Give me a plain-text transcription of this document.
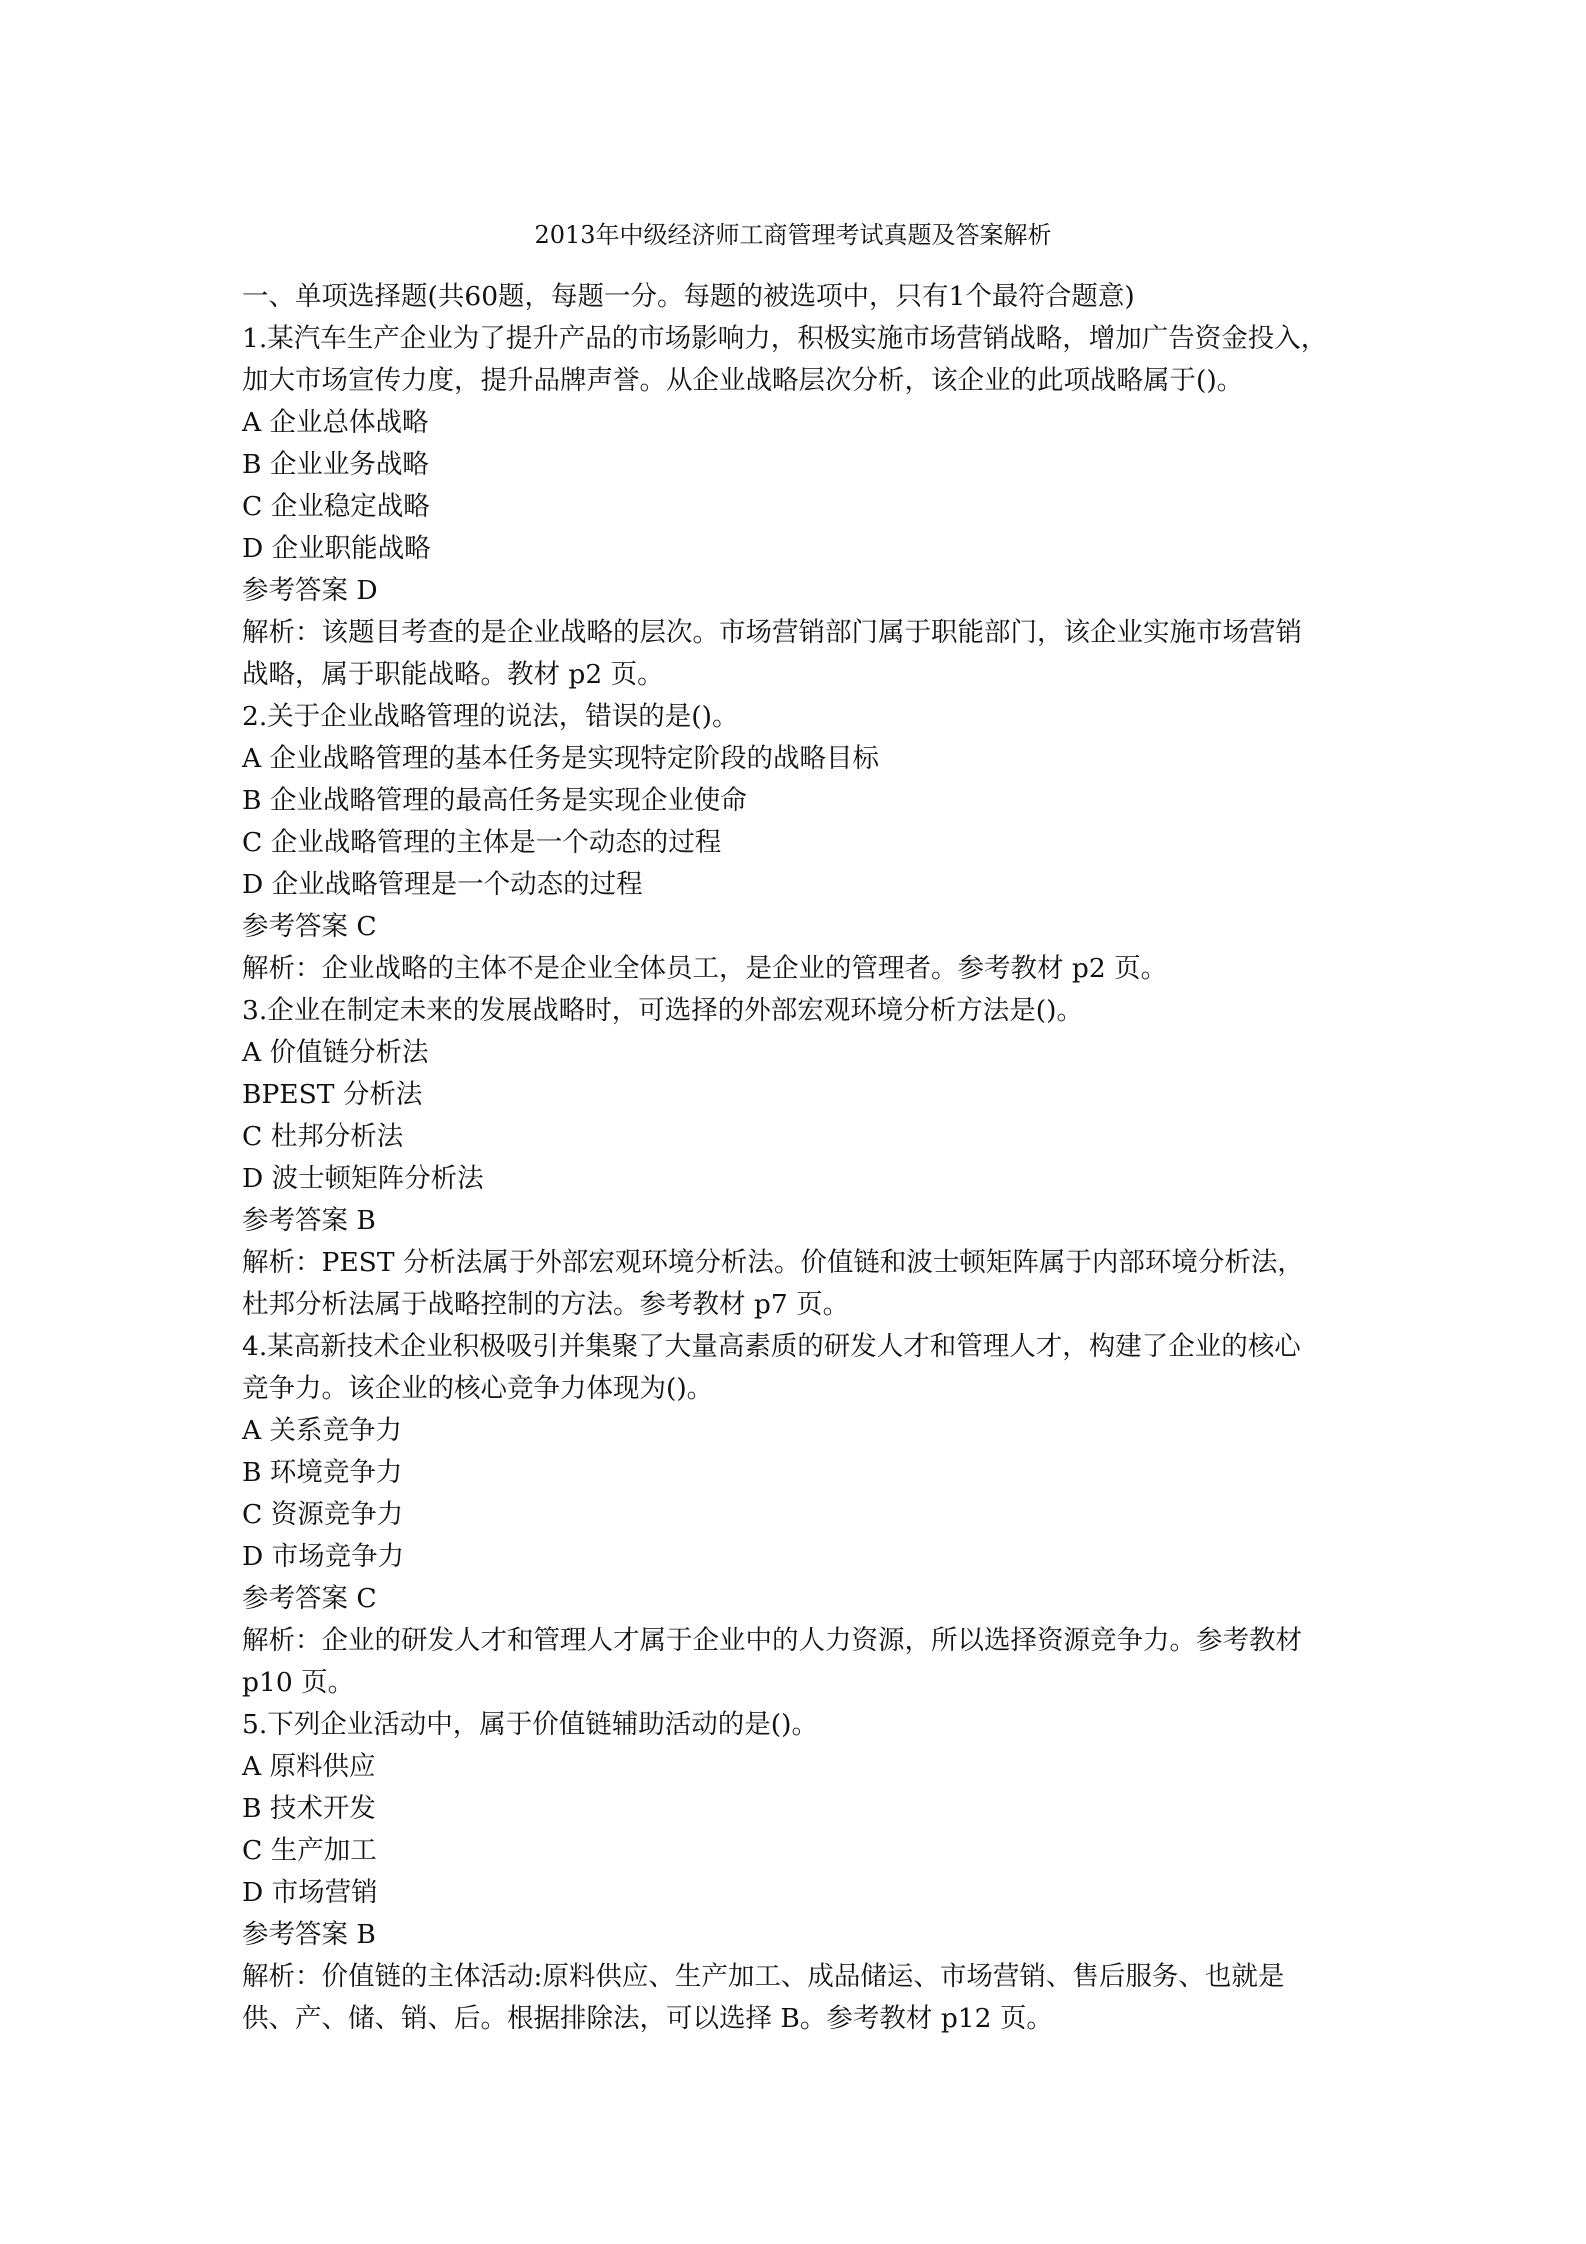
2013年中级经济师工商管理考试真题及答案解析
一、单项选择题(共60题，每题一分。每题的被选项中，只有1个最符合题意)
1.某汽车生产企业为了提升产品的市场影响力，积极实施市场营销战略，增加广告资金投入，
加大市场宣传力度，提升品牌声誉。从企业战略层次分析，该企业的此项战略属于()。
A 企业总体战略
B 企业业务战略
C 企业稳定战略
D 企业职能战略
参考答案 D
解析：该题目考查的是企业战略的层次。市场营销部门属于职能部门，该企业实施市场营销
战略，属于职能战略。教材 p2 页。
2.关于企业战略管理的说法，错误的是()。
A 企业战略管理的基本任务是实现特定阶段的战略目标
B 企业战略管理的最高任务是实现企业使命
C 企业战略管理的主体是一个动态的过程
D 企业战略管理是一个动态的过程
参考答案 C
解析：企业战略的主体不是企业全体员工，是企业的管理者。参考教材 p2 页。
3.企业在制定未来的发展战略时，可选择的外部宏观环境分析方法是()。
A 价值链分析法
BPEST 分析法
C 杜邦分析法
D 波士顿矩阵分析法
参考答案 B
解析：PEST 分析法属于外部宏观环境分析法。价值链和波士顿矩阵属于内部环境分析法，
杜邦分析法属于战略控制的方法。参考教材 p7 页。
4.某高新技术企业积极吸引并集聚了大量高素质的研发人才和管理人才，构建了企业的核心
竞争力。该企业的核心竞争力体现为()。
A 关系竞争力
B 环境竞争力
C 资源竞争力
D 市场竞争力
参考答案 C
解析：企业的研发人才和管理人才属于企业中的人力资源，所以选择资源竞争力。参考教材
p10 页。
5.下列企业活动中，属于价值链辅助活动的是()。
A 原料供应
B 技术开发
C 生产加工
D 市场营销
参考答案 B
解析：价值链的主体活动:原料供应、生产加工、成品储运、市场营销、售后服务、也就是
供、产、储、销、后。根据排除法，可以选择 B。参考教材 p12 页。
